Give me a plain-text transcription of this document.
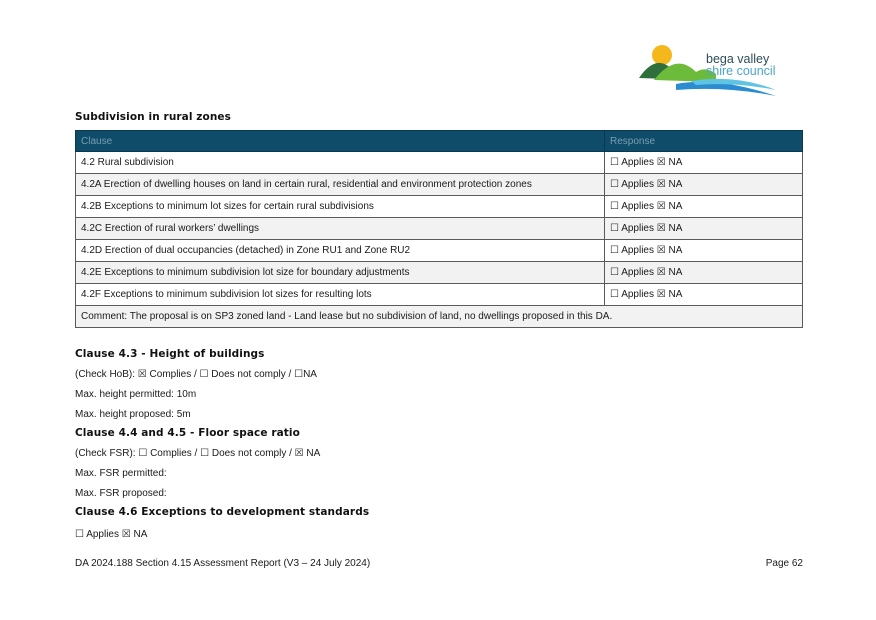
bega valley
shire council
Subdivision in rural zones
Clause	Response
4.2 Rural subdivision	☐ Applies ☒ NA
4.2A Erection of dwelling houses on land in certain rural, residential and environment protection zones	☐ Applies ☒ NA
4.2B Exceptions to minimum lot sizes for certain rural subdivisions	☐ Applies ☒ NA
4.2C Erection of rural workers’ dwellings	☐ Applies ☒ NA
4.2D Erection of dual occupancies (detached) in Zone RU1 and Zone RU2	☐ Applies ☒ NA
4.2E Exceptions to minimum subdivision lot size for boundary adjustments	☐ Applies ☒ NA
4.2F Exceptions to minimum subdivision lot sizes for resulting lots	☐ Applies ☒ NA
Comment: The proposal is on SP3 zoned land - Land lease but no subdivision of land, no dwellings proposed in this DA.	
Clause 4.3 - Height of buildings

(Check HoB): ☒ Complies / ☐ Does not comply / ☐NA

Max. height permitted: 10m

Max. height proposed: 5m

Clause 4.4 and 4.5 - Floor space ratio

(Check FSR): ☐ Complies / ☐ Does not comply / ☒ NA

Max. FSR permitted:

Max. FSR proposed:

Clause 4.6 Exceptions to development standards

☐ Applies ☒ NA

DA 2024.188 Section 4.15 Assessment Report (V3 – 24 July 2024)	Page 62
